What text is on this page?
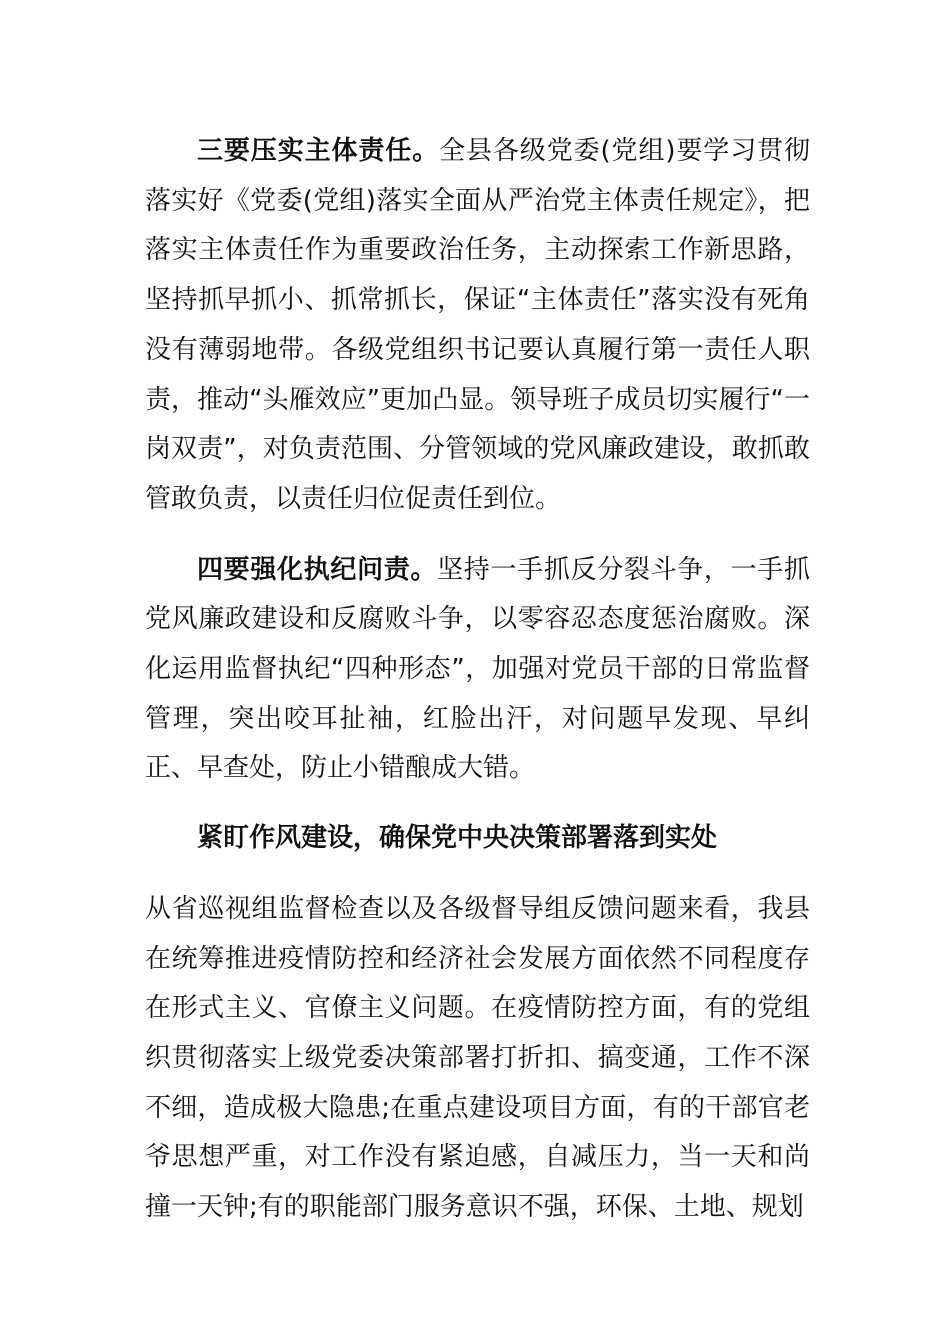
三要压实主体责任。全县各级党委(党组)要学习贯彻落实好《党委(党组)落实全面从严治党主体责任规定》，把落实主体责任作为重要政治任务，主动探索工作新思路，坚持抓早抓小、抓常抓长，保证“主体责任”落实没有死角没有薄弱地带。各级党组织书记要认真履行第一责任人职责，推动“头雁效应”更加凸显。领导班子成员切实履行“一岗双责”，对负责范围、分管领域的党风廉政建设，敢抓敢管敢负责，以责任归位促责任到位。

四要强化执纪问责。坚持一手抓反分裂斗争，一手抓党风廉政建设和反腐败斗争，以零容忍态度惩治腐败。深化运用监督执纪“四种形态”，加强对党员干部的日常监督管理，突出咬耳扯袖，红脸出汗，对问题早发现、早纠正、早查处，防止小错酿成大错。

紧盯作风建设，确保党中央决策部署落到实处

从省巡视组监督检查以及各级督导组反馈问题来看，我县在统筹推进疫情防控和经济社会发展方面依然不同程度存在形式主义、官僚主义问题。在疫情防控方面，有的党组织贯彻落实上级党委决策部署打折扣、搞变通，工作不深不细，造成极大隐患;在重点建设项目方面，有的干部官老爷思想严重，对工作没有紧迫感，自减压力，当一天和尚撞一天钟;有的职能部门服务意识不强，环保、土地、规划
